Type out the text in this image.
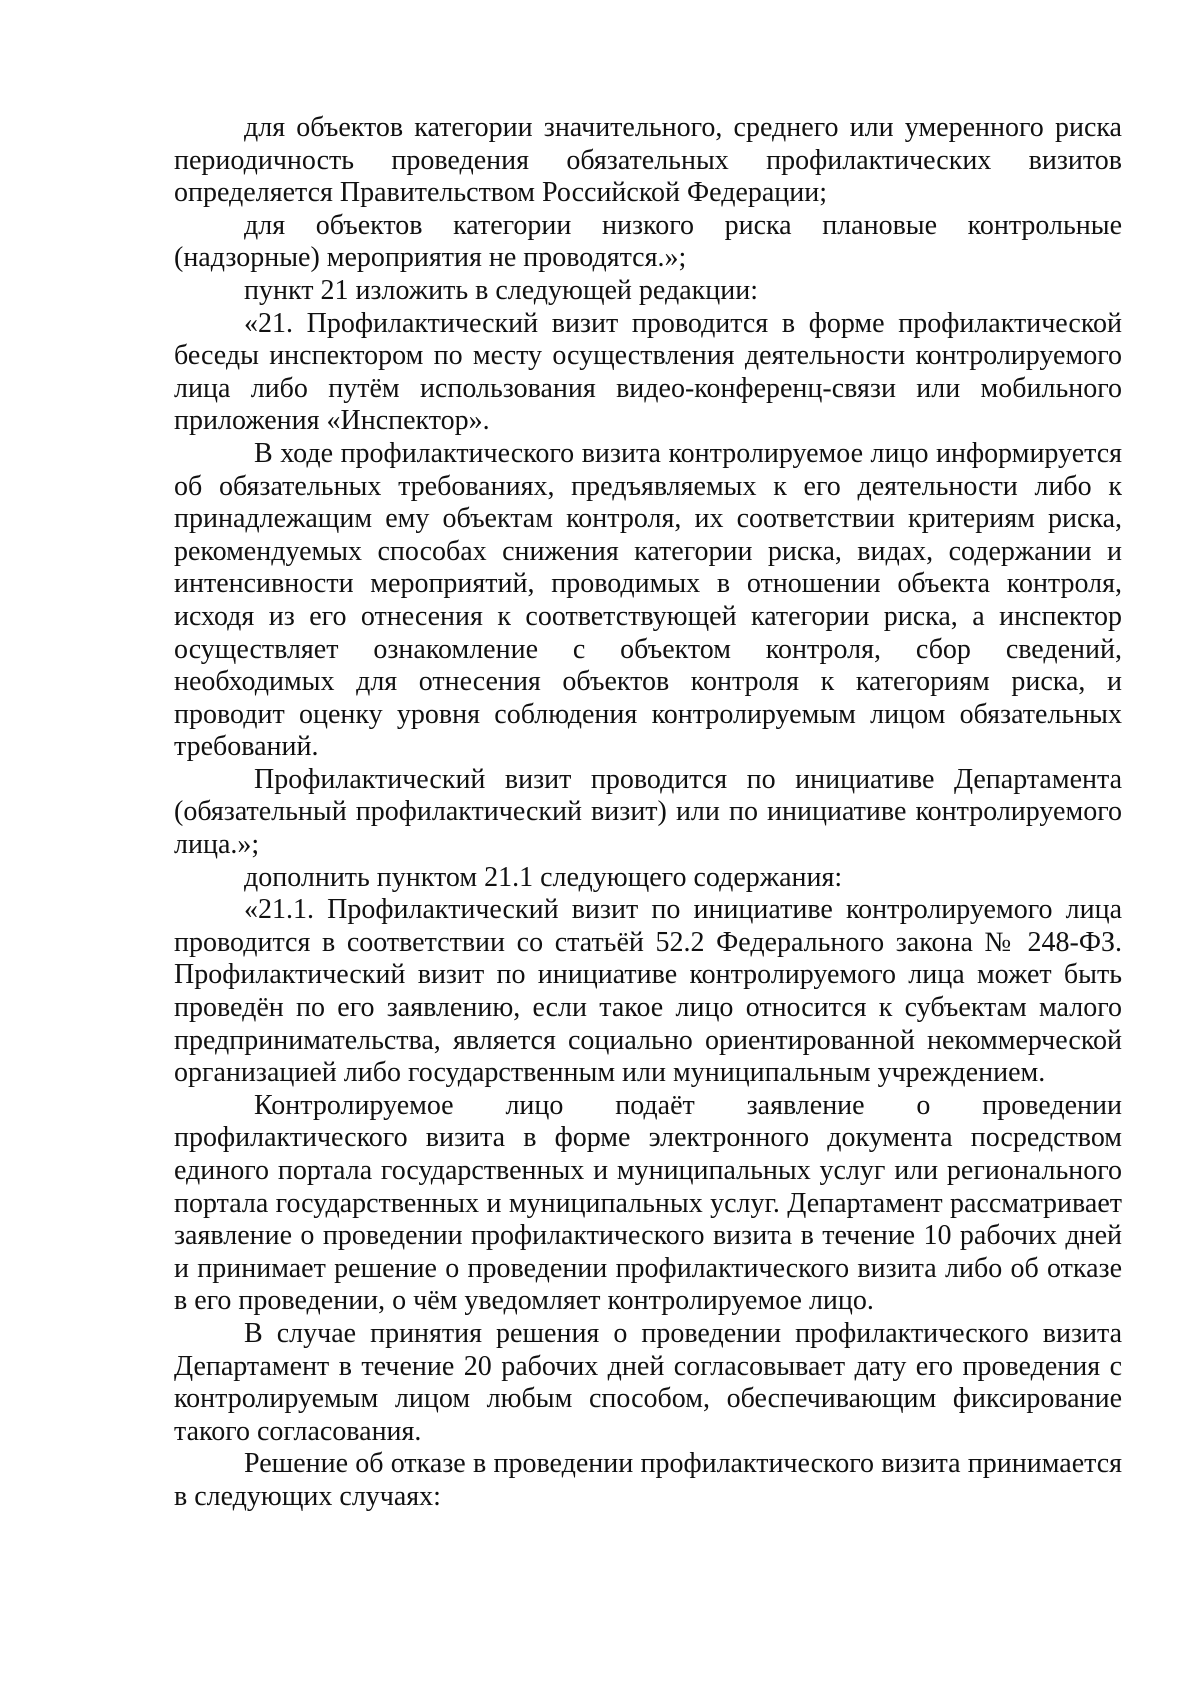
для объектов категории значительного, среднего или умеренного риска периодичность проведения обязательных профилактических визитов определяется Правительством Российской Федерации;

для объектов категории низкого риска плановые контрольные (надзорные) мероприятия не проводятся.»;

пункт 21 изложить в следующей редакции:

«21. Профилактический визит проводится в форме профилактической беседы инспектором по месту осуществления деятельности контролируемого лица либо путём использования видео-конференц-связи или мобильного приложения «Инспектор».

В ходе профилактического визита контролируемое лицо информируется об обязательных требованиях, предъявляемых к его деятельности либо к принадлежащим ему объектам контроля, их соответствии критериям риска, рекомендуемых способах снижения категории риска, видах, содержании и интенсивности мероприятий, проводимых в отношении объекта контроля, исходя из его отнесения к соответствующей категории риска, а инспектор осуществляет ознакомление с объектом контроля, сбор сведений, необходимых для отнесения объектов контроля к категориям риска, и проводит оценку уровня соблюдения контролируемым лицом обязательных требований.

Профилактический визит проводится по инициативе Департамента (обязательный профилактический визит) или по инициативе контролируемого лица.»;

дополнить пунктом 21.1 следующего содержания:

«21.1. Профилактический визит по инициативе контролируемого лица проводится в соответствии со статьёй 52.2 Федерального закона № 248-ФЗ. Профилактический визит по инициативе контролируемого лица может быть проведён по его заявлению, если такое лицо относится к субъектам малого предпринимательства, является социально ориентированной некоммерческой организацией либо государственным или муниципальным учреждением.

Контролируемое лицо подаёт заявление о проведении профилактического визита в форме электронного документа посредством единого портала государственных и муниципальных услуг или регионального портала государственных и муниципальных услуг. Департамент рассматривает заявление о проведении профилактического визита в течение 10 рабочих дней и принимает решение о проведении профилактического визита либо об отказе в его проведении, о чём уведомляет контролируемое лицо.

В случае принятия решения о проведении профилактического визита Департамент в течение 20 рабочих дней согласовывает дату его проведения с контролируемым лицом любым способом, обеспечивающим фиксирование такого согласования.

Решение об отказе в проведении профилактического визита принимается в следующих случаях:
